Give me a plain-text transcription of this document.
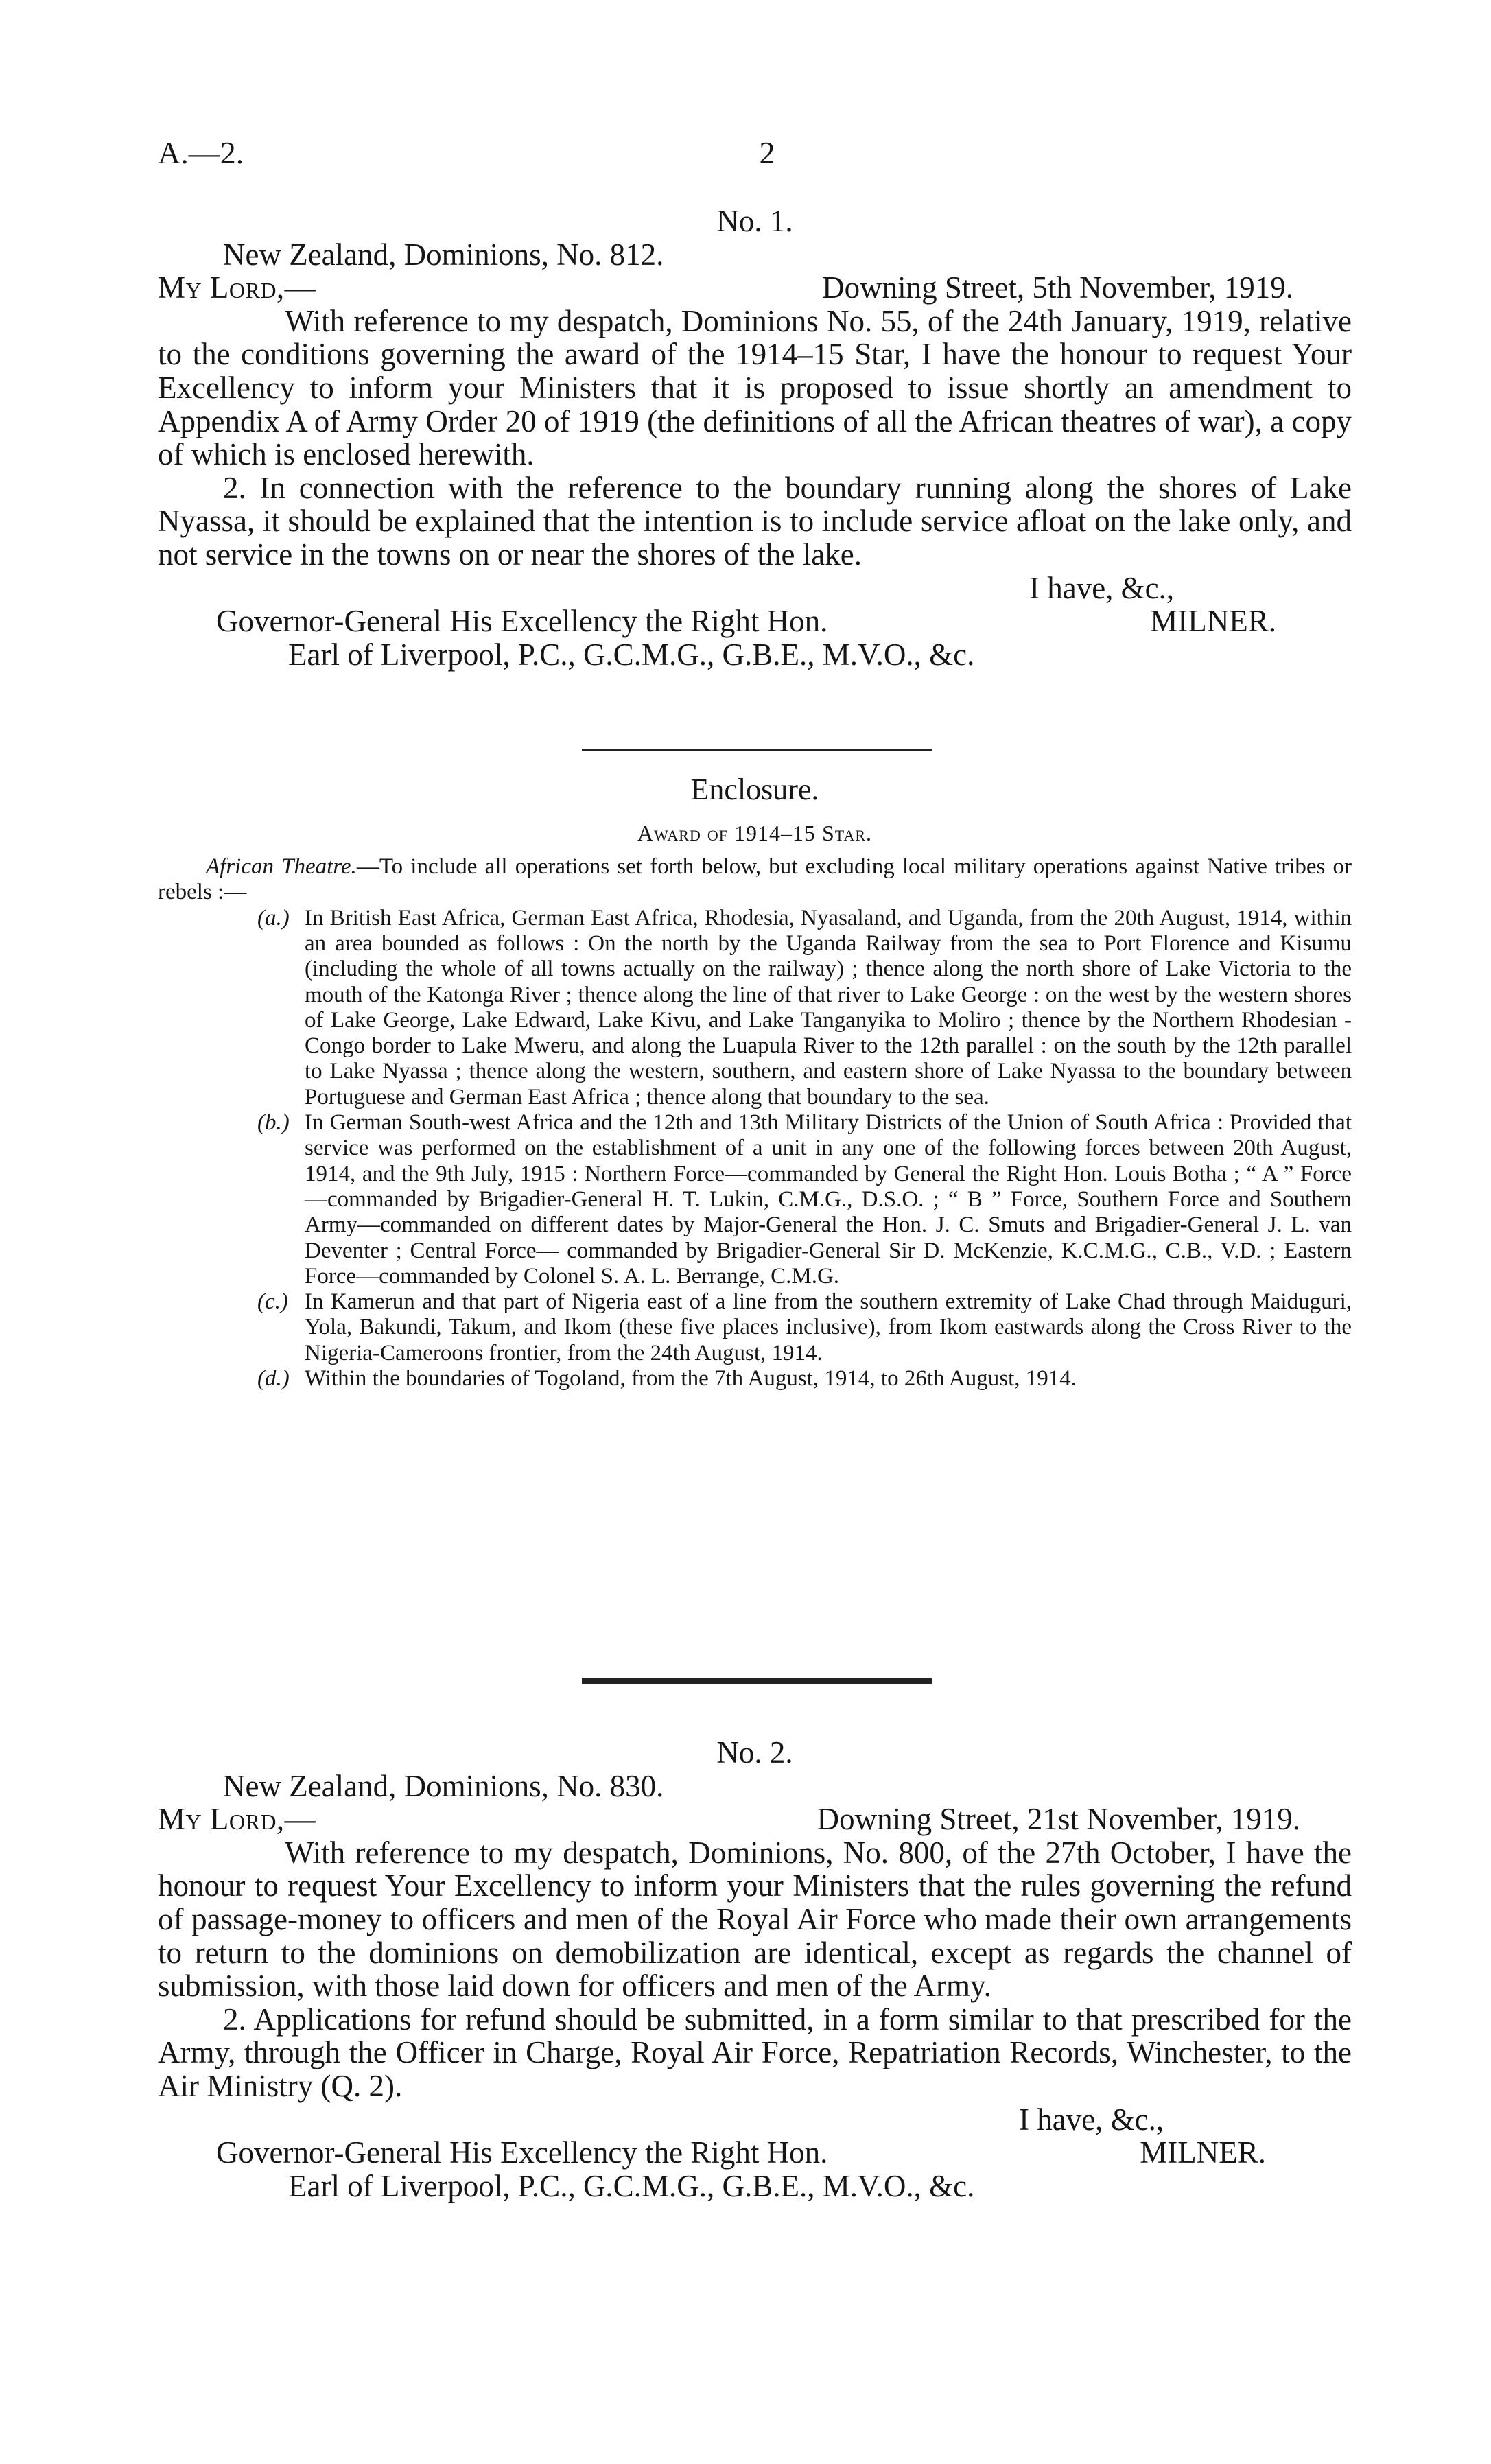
A.—2.	2

No. 1.

New Zealand, Dominions, No. 812.

My Lord,—	Downing Street, 5th November, 1919.

With reference to my despatch, Dominions No. 55, of the 24th January, 1919, relative to the conditions governing the award of the 1914–15 Star, I have the honour to request Your Excellency to inform your Ministers that it is proposed to issue shortly an amendment to Appendix A of Army Order 20 of 1919 (the definitions of all the African theatres of war), a copy of which is enclosed herewith.

2. In connection with the reference to the boundary running along the shores of Lake Nyassa, it should be explained that the intention is to include service afloat on the lake only, and not service in the towns on or near the shores of the lake.

I have, &c.,

Governor-General His Excellency the Right Hon.	MILNER.

Earl of Liverpool, P.C., G.C.M.G., G.B.E., M.V.O., &c.

Enclosure.

Award of 1914–15 Star.

African Theatre.—To include all operations set forth below, but excluding local military operations against Native tribes or rebels :—

(a.) In British East Africa, German East Africa, Rhodesia, Nyasaland, and Uganda, from the 20th August, 1914, within an area bounded as follows : On the north by the Uganda Railway from the sea to Port Florence and Kisumu (including the whole of all towns actually on the railway) ; thence along the north shore of Lake Victoria to the mouth of the Katonga River ; thence along the line of that river to Lake George : on the west by the western shores of Lake George, Lake Edward, Lake Kivu, and Lake Tanganyika to Moliro ; thence by the Northern Rhodesian - Congo border to Lake Mweru, and along the Luapula River to the 12th parallel : on the south by the 12th parallel to Lake Nyassa ; thence along the western, southern, and eastern shore of Lake Nyassa to the boundary between Portuguese and German East Africa ; thence along that boundary to the sea.
(b.) In German South-west Africa and the 12th and 13th Military Districts of the Union of South Africa : Provided that service was performed on the establishment of a unit in any one of the following forces between 20th August, 1914, and the 9th July, 1915 : Northern Force—commanded by General the Right Hon. Louis Botha ; “ A ” Force —commanded by Brigadier-General H. T. Lukin, C.M.G., D.S.O. ; “ B ” Force, Southern Force and Southern Army—commanded on different dates by Major-General the Hon. J. C. Smuts and Brigadier-General J. L. van Deventer ; Central Force— commanded by Brigadier-General Sir D. McKenzie, K.C.M.G., C.B., V.D. ; Eastern Force—commanded by Colonel S. A. L. Berrange, C.M.G.
(c.) In Kamerun and that part of Nigeria east of a line from the southern extremity of Lake Chad through Maiduguri, Yola, Bakundi, Takum, and Ikom (these five places inclusive), from Ikom eastwards along the Cross River to the Nigeria-Cameroons frontier, from the 24th August, 1914.
(d.) Within the boundaries of Togoland, from the 7th August, 1914, to 26th August, 1914.

No. 2.

New Zealand, Dominions, No. 830.

My Lord,—	Downing Street, 21st November, 1919.

With reference to my despatch, Dominions, No. 800, of the 27th October, I have the honour to request Your Excellency to inform your Ministers that the rules governing the refund of passage-money to officers and men of the Royal Air Force who made their own arrangements to return to the dominions on demobilization are identical, except as regards the channel of submission, with those laid down for officers and men of the Army.

2. Applications for refund should be submitted, in a form similar to that prescribed for the Army, through the Officer in Charge, Royal Air Force, Repatriation Records, Winchester, to the Air Ministry (Q. 2).

I have, &c.,

Governor-General His Excellency the Right Hon.	MILNER.

Earl of Liverpool, P.C., G.C.M.G., G.B.E., M.V.O., &c.
